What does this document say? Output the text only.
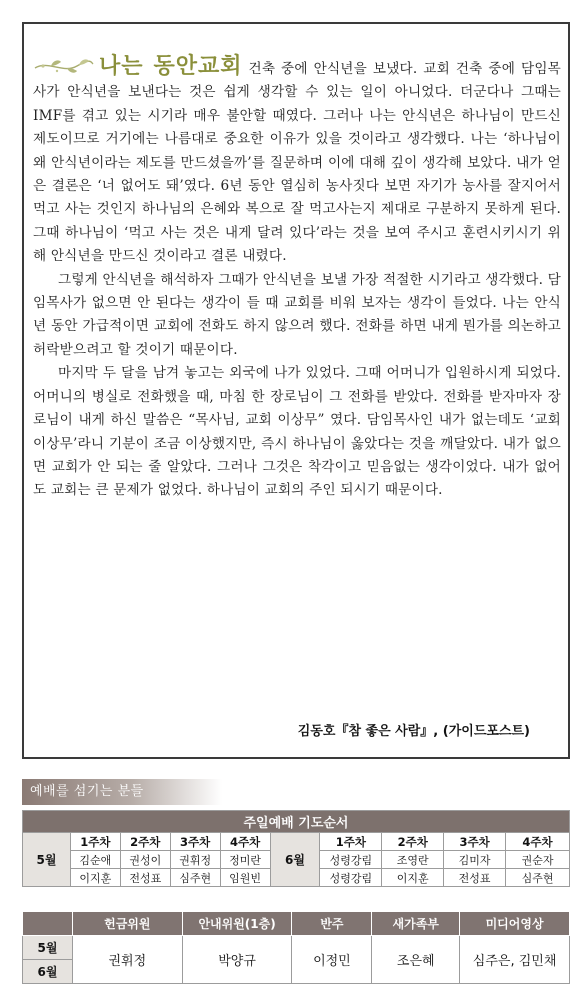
나는 동안교회 건축 중에 안식년을 보냈다. 교회 건축 중에 담임목사가 안식년을 보낸다는 것은 쉽게 생각할 수 있는 일이 아니었다. 더군다나 그때는 IMF를 겪고 있는 시기라 매우 불안할 때였다. 그러나 나는 안식년은 하나님이 만드신 제도이므로 거기에는 나름대로 중요한 이유가 있을 것이라고 생각했다. 나는 ‘하나님이 왜 안식년이라는 제도를 만드셨을까’를 질문하며 이에 대해 깊이 생각해 보았다. 내가 얻은 결론은 ‘너 없어도 돼’였다. 6년 동안 열심히 농사짓다 보면 자기가 농사를 잘지어서 먹고 사는 것인지 하나님의 은혜와 복으로 잘 먹고사는지 제대로 구분하지 못하게 된다. 그때 하나님이 ‘먹고 사는 것은 내게 달려 있다’라는 것을 보여 주시고 훈련시키시기 위해 안식년을 만드신 것이라고 결론 내렸다.

그렇게 안식년을 해석하자 그때가 안식년을 보낼 가장 적절한 시기라고 생각했다. 담임목사가 없으면 안 된다는 생각이 들 때 교회를 비워 보자는 생각이 들었다. 나는 안식년 동안 가급적이면 교회에 전화도 하지 않으려 했다. 전화를 하면 내게 뭔가를 의논하고 허락받으려고 할 것이기 때문이다.

마지막 두 달을 남겨 놓고는 외국에 나가 있었다. 그때 어머니가 입원하시게 되었다. 어머니의 병실로 전화했을 때, 마침 한 장로님이 그 전화를 받았다. 전화를 받자마자 장로님이 내게 하신 말씀은 “목사님, 교회 이상무” 였다. 담임목사인 내가 없는데도 ‘교회 이상무’라니 기분이 조금 이상했지만, 즉시 하나님이 옳았다는 것을 깨달았다. 내가 없으면 교회가 안 되는 줄 알았다. 그러나 그것은 착각이고 믿음없는 생각이었다. 내가 없어도 교회는 큰 문제가 없었다. 하나님이 교회의 주인 되시기 때문이다.

김동호『참 좋은 사람』, (가이드포스트)
예배를 섬기는 분들
주일예배 기도순서									
5월	1주차	2주차	3주차	4주차	6월	1주차	2주차	3주차	4주차
	김순애	권성이	권휘정	정미란		성령강림	조영란	김미자	권순자
	이지훈	전성표	심주현	임원빈		성령강림	이지훈	전성표	심주현
	헌금위원	안내위원(1층)	반주	새가족부	미디어영상
5월	권휘정	박양규	이정민	조은혜	심주은, 김민채
6월					
